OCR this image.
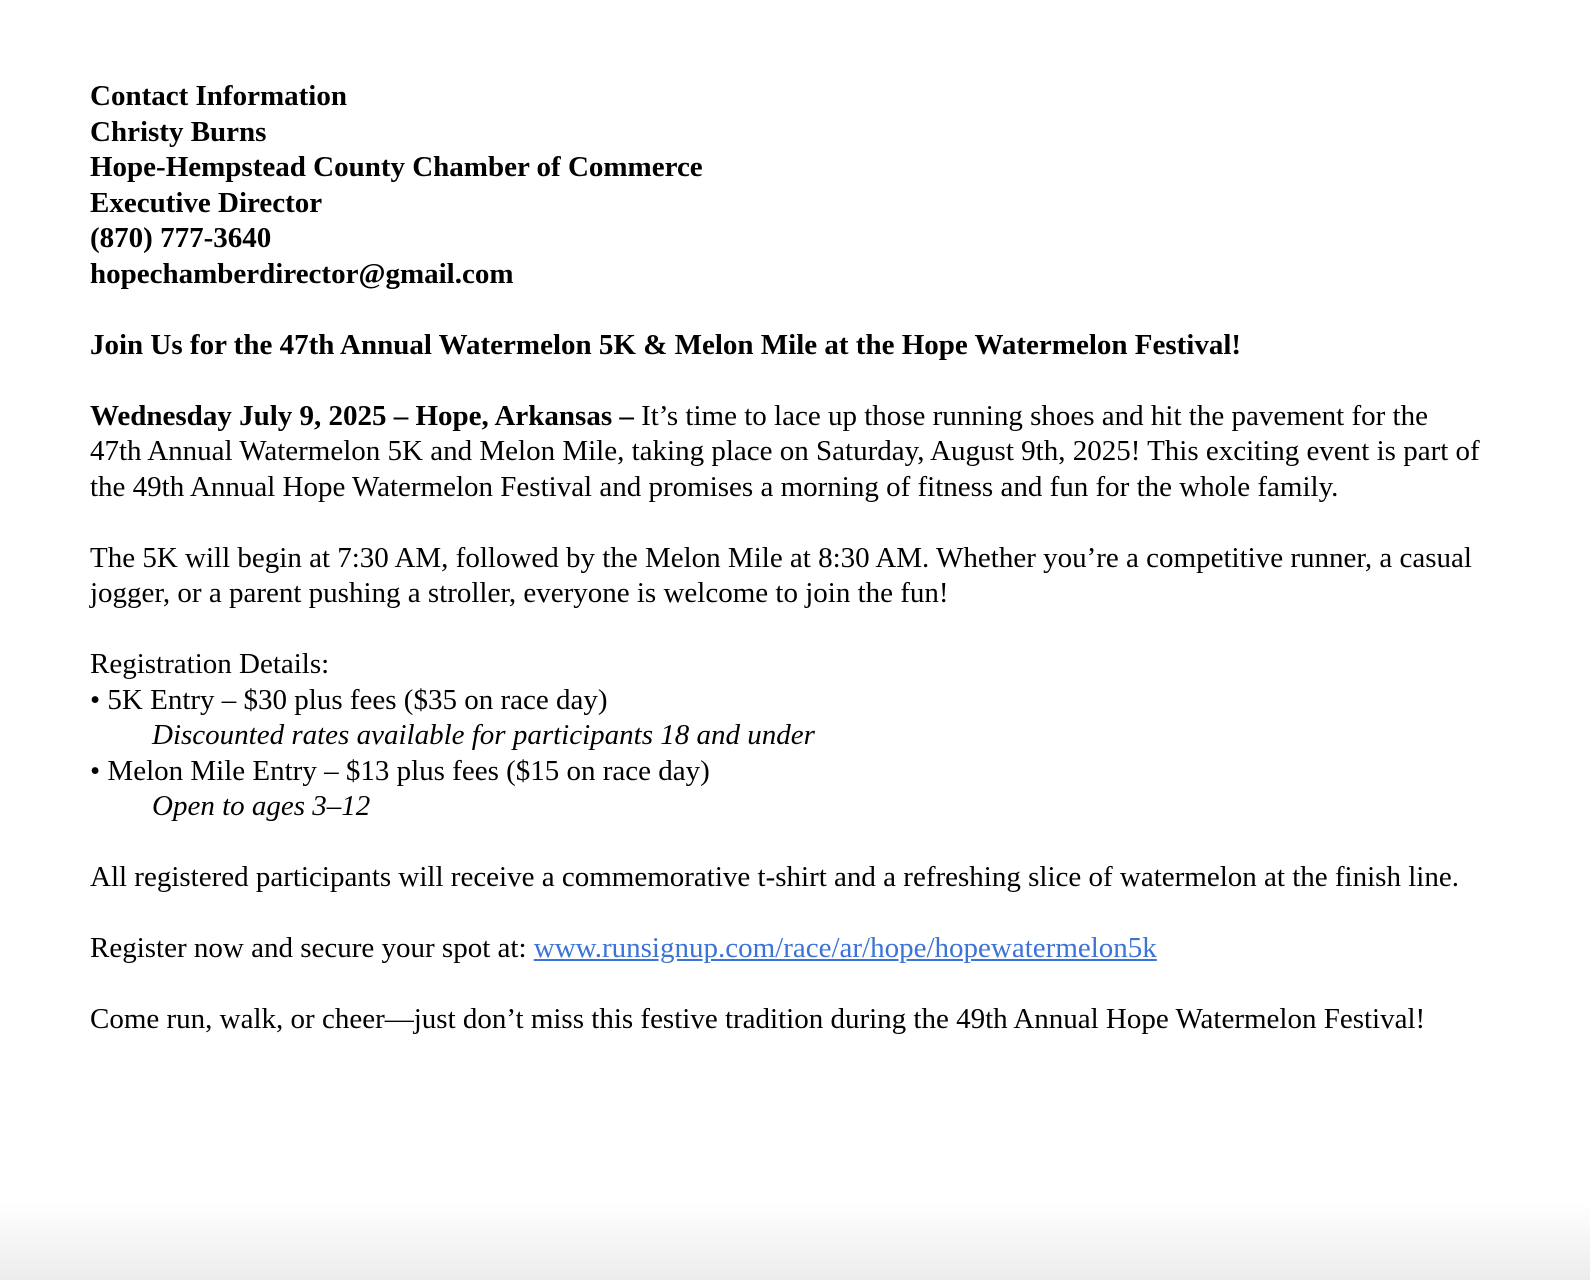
Contact Information
Christy Burns
Hope-Hempstead County Chamber of Commerce
Executive Director
(870) 777-3640
hopechamberdirector@gmail.com
Join Us for the 47th Annual Watermelon 5K & Melon Mile at the Hope Watermelon Festival!
Wednesday July 9, 2025 – Hope, Arkansas – It’s time to lace up those running shoes and hit the pavement for the 47th Annual Watermelon 5K and Melon Mile, taking place on Saturday, August 9th, 2025! This exciting event is part of the 49th Annual Hope Watermelon Festival and promises a morning of fitness and fun for the whole family.
The 5K will begin at 7:30 AM, followed by the Melon Mile at 8:30 AM. Whether you’re a competitive runner, a casual jogger, or a parent pushing a stroller, everyone is welcome to join the fun!
Registration Details:
• 5K Entry – $30 plus fees ($35 on race day)
Discounted rates available for participants 18 and under
• Melon Mile Entry – $13 plus fees ($15 on race day)
Open to ages 3–12
All registered participants will receive a commemorative t-shirt and a refreshing slice of watermelon at the finish line.
Register now and secure your spot at: www.runsignup.com/race/ar/hope/hopewatermelon5k
Come run, walk, or cheer—just don’t miss this festive tradition during the 49th Annual Hope Watermelon Festival!
